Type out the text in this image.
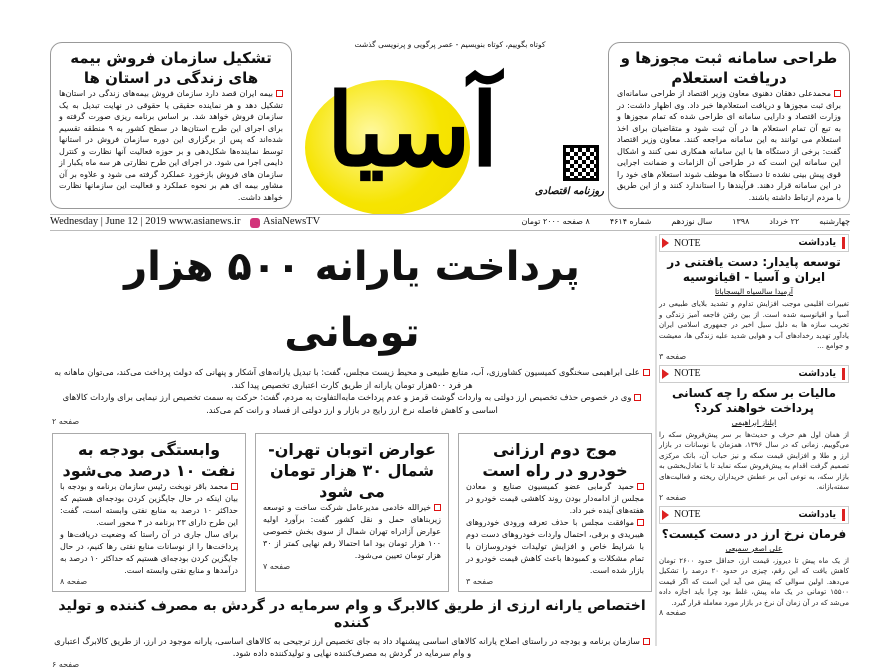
تشکیل سازمان فروش بیمه های زندگی در استان ها

بیمه ایران قصد دارد سازمان فروش بیمه‌های زندگی در استان‌ها تشکیل دهد و هر نماینده حقیقی یا حقوقی در نهایت تبدیل به یک سازمان فروش خواهد شد. بر اساس برنامه ریزی صورت گرفته و برای اجرای این طرح استان‌ها در سطح کشور به ۹ منطقه تقسیم شده‌اند که پس از برگزاری این دوره سازمان فروش در استانها توسط نماینده‌ها شکل‌دهی و بر حوزه فعالیت آنها نظارت و کنترل دایمی اجرا می شود. در اجرای این طرح نظارتی هر سه ماه یکبار از سازمان های فروش بازخورد عملکرد گرفته می شود و علاوه بر آن مشاور بیمه ای هم بر نحوه عملکرد و فعالیت این سازمانها نظارت خواهد داشت.

کوتاه بگوییم، کوتاه بنویسیم - عصر پرگویی و پرنویسی گذشت
آسیا
روزنامه اقتصادی
طراحی سامانه ثبت مجوزها و دریافت استعلام

محمدعلی دهقان دهنوی معاون وزیر اقتصاد از طراحی سامانه‌ای برای ثبت مجوزها و دریافت استعلام‌ها خبر داد. وی اظهار داشت: در وزارت اقتصاد و دارایی سامانه ای طراحی شده که تمام مجوزها و به تبع آن تمام استعلام ها در آن ثبت شود و متقاضیان برای اخذ استعلام می توانند به این سامانه مراجعه کنند. معاون وزیر اقتصاد گفت: برخی از دستگاه ها با این سامانه همکاری نمی کنند و اشکال این سامانه این است که در طراحی آن الزامات و ضمانت اجرایی قوی پیش بینی نشده تا دستگاه ها موظف شوند استعلام های خود را در این سامانه قرار دهند. فرآیندها را استاندارد کنند و از این طریق با مردم ارتباط داشته باشند.

Wednesday | June 12 | 2019 www.asianews.ir AsiaNewsTV	چهارشنبه
۲۲ خرداد
۱۳۹۸
سال نوزدهم
شماره ۴۶۱۴
۸ صفحه ۲۰۰۰ تومان
پرداخت یارانه ۵۰۰ هزار تومانی

علی ابراهیمی سخنگوی کمیسیون کشاورزی، آب، منابع طبیعی و محیط زیست مجلس، گفت: با تبدیل یارانه‌های آشکار و پنهانی که دولت پرداخت می‌کند، می‌توان ماهانه به هر فرد ۵۰۰هزار تومان یارانه از طریق کارت اعتباری تخصیص پیدا کند.

وی در خصوص حذف تخصیص ارز دولتی به واردات گوشت قرمز و عدم پرداخت مابه‌التفاوت به مردم، گفت: حرکت به سمت تخصیص ارز نیمایی برای واردات کالاهای اساسی و کاهش فاصله نرخ ارز رایج در بازار و ارز دولتی از فساد و رانت کم می‌کند.

صفحه ۲
موج دوم ارزانی خودرو در راه است

حمید گرمابی عضو کمیسیون صنایع و معادن مجلس از ادامه‌دار بودن روند کاهشی قیمت خودرو در هفته‌های آینده خبر داد.

موافقت مجلس با حذف تعرفه ورودی خودروهای هیبریدی و برقی، احتمال واردات خودروهای دست دوم با شرایط خاص و افزایش تولیدات خودروسازان با تمام مشکلات و کمبودها باعث کاهش قیمت خودرو در بازار شده است.

صفحه ۳
عوارض اتوبان تهران-شمال ۳۰ هزار تومان می شود

خیرالله خادمی مدیرعامل شرکت ساخت و توسعه زیربناهای حمل و نقل کشور گفت: برآورد اولیه عوارض آزادراه تهران شمال از سوی بخش خصوصی ۱۰۰ هزار تومان بود اما احتمالا رقم نهایی کمتر از ۳۰ هزار تومان تعیین می‌شود.

صفحه ۷
وابستگی بودجه به نفت ۱۰ درصد می‌شود

محمد باقر نوبخت رئیس سازمان برنامه و بودجه با بیان اینکه در حال جایگزین کردن بودجه‌ای هستیم که حداکثر ۱۰ درصد به منابع نفتی وابسته است، گفت: این طرح دارای ۲۳ برنامه در ۴ محور است.

برای سال جاری در آن راستا که وضعیت دریافت‌ها و پرداخت‌ها را از نوسانات منابع نفتی رها کنیم، در حال جایگزین کردن بودجه‌ای هستیم که حداکثر ۱۰ درصد به درآمدها و منابع نفتی وابسته است.

صفحه ۸
اختصاص یارانه ارزی از طریق کالابرگ و وام سرمایه در گردش به مصرف کننده و تولید کننده
سازمان برنامه و بودجه در راستای اصلاح یارانه کالاهای اساسی پیشنهاد داد به جای تخصیص ارز ترجیحی به کالاهای اساسی، یارانه موجود در ارز، از طریق کالابرگ اعتباری و وام سرمایه در گردش به مصرف‌کننده نهایی و تولیدکننده داده شود.
صفحه ۶
یادداشت
NOTE
توسعه پایدار: دست یافتنی در ایران و آسیا - اقیانوسیه
آرمیدا سالسیاه الیسجاباتا

تغییرات اقلیمی موجب افزایش تداوم و تشدید بلایای طبیعی در آسیا و اقیانوسیه شده است. از بین رفتن فاجعه آمیز زندگی و تخریب سازه ها به دلیل سیل اخیر در جمهوری اسلامی ایران یادآور تهدید رخدادهای آب و هوایی شدید علیه زندگی ها، معیشت و جوامع ...

صفحه ۳
یادداشت
NOTE
مالیات بر سکه را چه کسانی پرداخت خواهند کرد؟
ایلناز ابراهیمی

از همان اول هم حرف و حدیث‌ها بر سر پیش‌فروش سکه را می‌گوییم. زمانی که در سال ۱۳۹۶، همزمان با نوسانات در بازار ارز و طلا و افزایش قیمت سکه و نیز حباب آن، بانک مرکزی تصمیم گرفت اقدام به پیش‌فروش سکه نماید تا با تعادل‌بخشی به بازار سکه، به نوعی آبی بر عطش خریداران ریخته و فعالیت‌های سفته‌بازانه.

صفحه ۲
یادداشت
NOTE
فرمان نرخ ارز در دست کیست؟
علی اصغر سمیعی

از یک ماه پیش تا دیروز، قیمت ارز، حداقل حدود ۲۶۰۰ تومان کاهش یافت که این رقم، چیزی در حدود ۲۰ درصد را تشکیل می‌دهد. اولین سوالی که پیش می آید این است که اگر قیمت ۱۵۵۰۰ تومانی در یک ماه پیش، غلط بود چرا باید اجازه داده می‌شد که در آن زمان آن نرخ در بازار مورد معامله قرار گیرد.

صفحه ۸
